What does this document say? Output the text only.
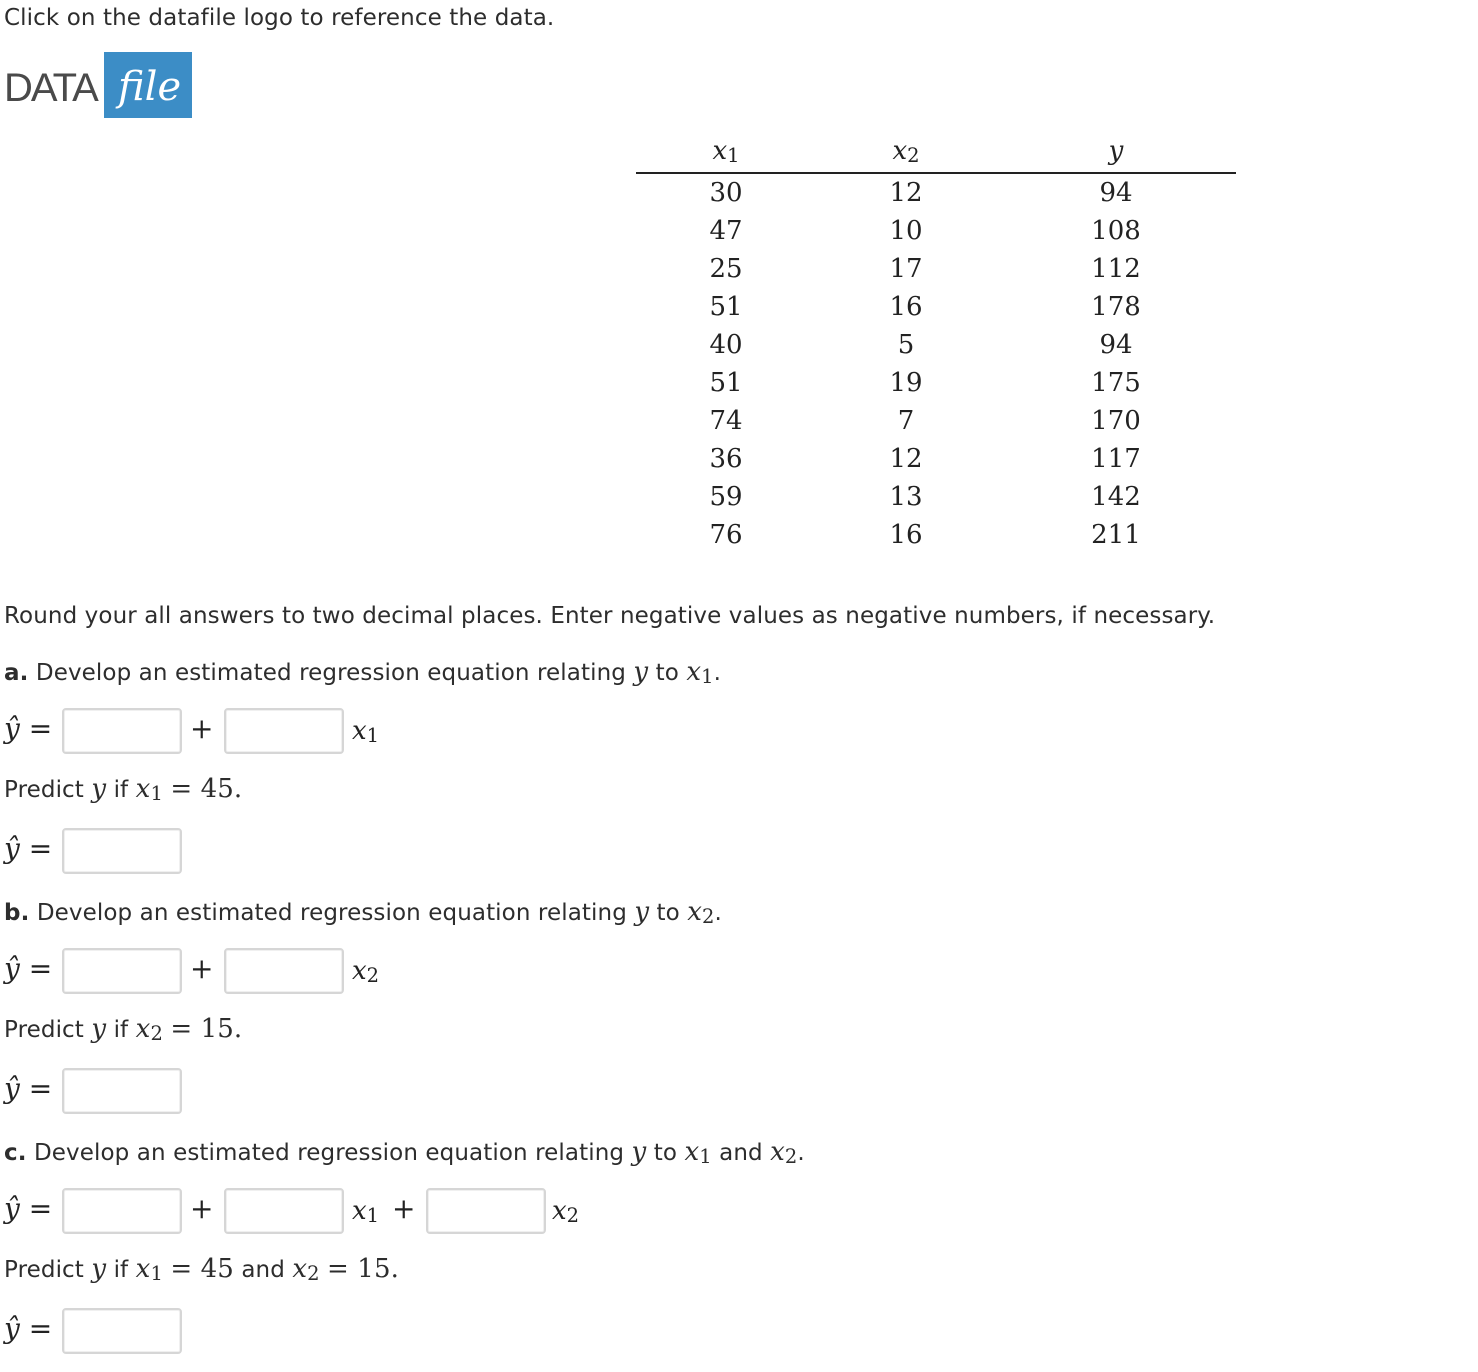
Click on the datafile logo to reference the data.
DATA file
x1	x2	y
30	12	94
47	10	108
25	17	112
51	16	178
40	5	94
51	19	175
74	7	170
36	12	117
59	13	142
76	16	211
Round your all answers to two decimal places. Enter negative values as negative numbers, if necessary.
a. Develop an estimated regression equation relating y to x1.
ŷ =	+	x1
Predict y if x1 = 45.
ŷ =
b. Develop an estimated regression equation relating y to x2.
ŷ =	+	x2
Predict y if x2 = 15.
ŷ =
c. Develop an estimated regression equation relating y to x1 and x2.
ŷ =	+	x1 +	x2
Predict y if x1 = 45 and x2 = 15.
ŷ =
